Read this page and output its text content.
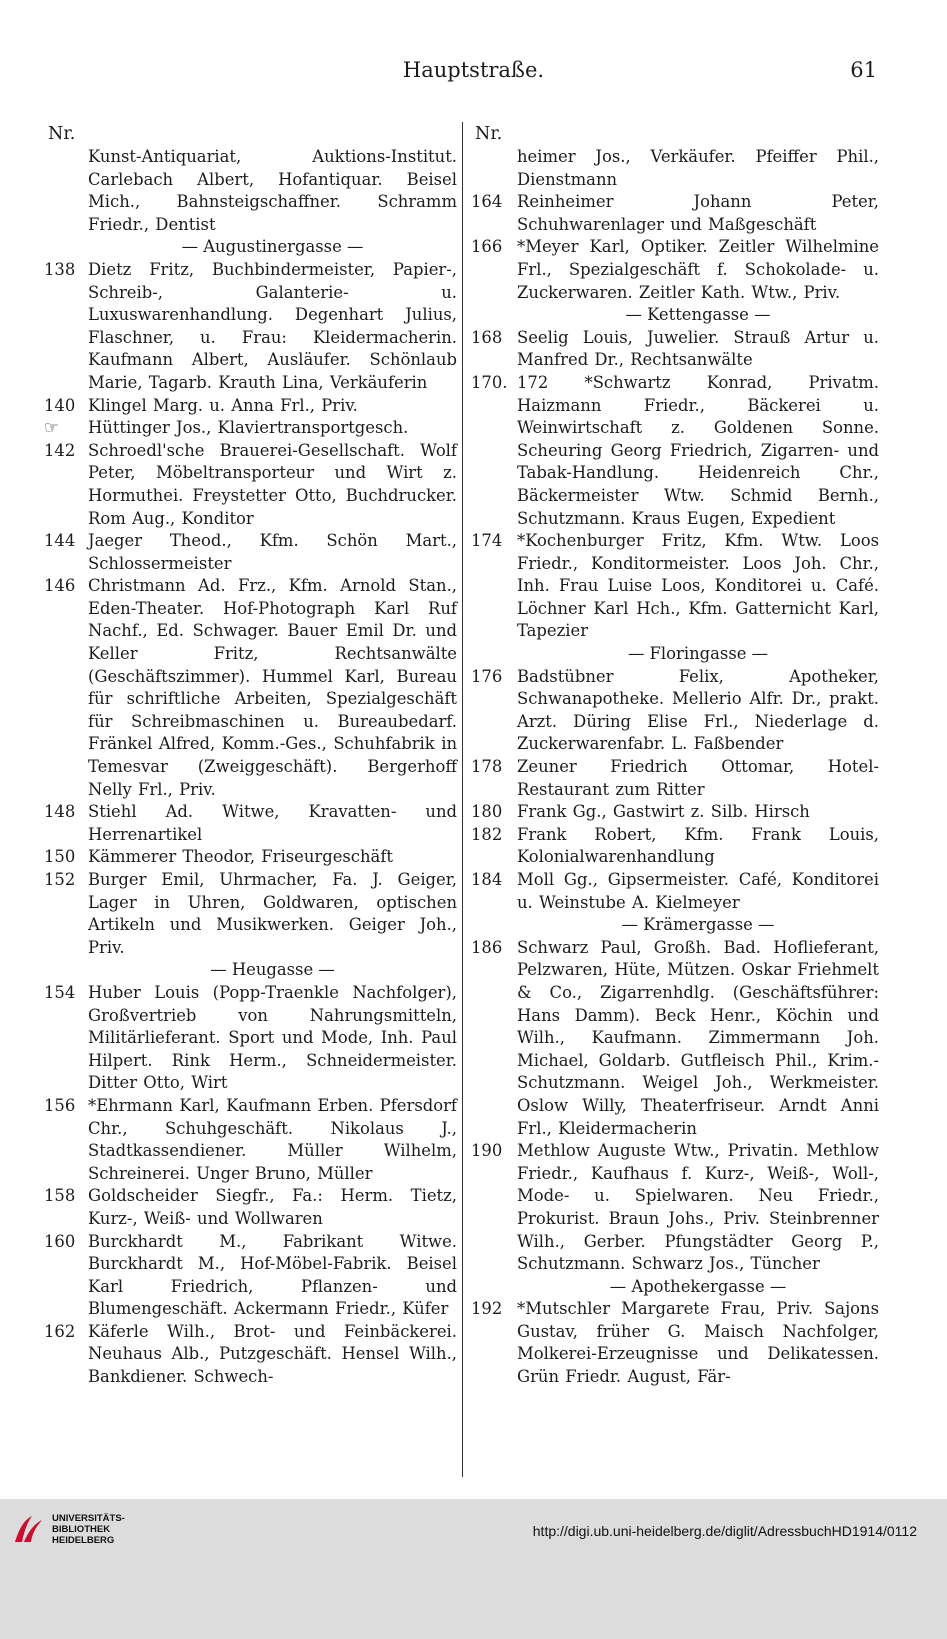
Hauptstraße.	61
Nr.
Kunst-Antiquariat, Auktions-Institut. Carlebach Albert, Hofantiquar. Beisel Mich., Bahnsteigschaffner. Schramm Friedr., Dentist
— Augustinergasse —
138 Dietz Fritz, Buchbindermeister, Papier-, Schreib-, Galanterie- u. Luxuswarenhandlung. Degenhart Julius, Flaschner, u. Frau: Kleidermacherin. Kaufmann Albert, Ausläufer. Schönlaub Marie, Tagarb. Krauth Lina, Verkäuferin
140 Klingel Marg. u. Anna Frl., Priv.
☞	Hüttinger Jos., Klaviertransportgesch.
142 Schroedl'sche Brauerei-Gesellschaft. Wolf Peter, Möbeltransporteur und Wirt z. Hormuthei. Freystetter Otto, Buchdrucker. Rom Aug., Konditor
144 Jaeger Theod., Kfm. Schön Mart., Schlossermeister
146 Christmann Ad. Frz., Kfm. Arnold Stan., Eden-Theater. Hof-Photograph Karl Ruf Nachf., Ed. Schwager. Bauer Emil Dr. und Keller Fritz, Rechtsanwälte (Geschäftszimmer). Hummel Karl, Bureau für schriftliche Arbeiten, Spezialgeschäft für Schreibmaschinen u. Bureaubedarf. Fränkel Alfred, Komm.-Ges., Schuhfabrik in Temesvar (Zweiggeschäft). Bergerhoff Nelly Frl., Priv.
148 Stiehl Ad. Witwe, Kravatten- und Herrenartikel
150 Kämmerer Theodor, Friseurgeschäft
152 Burger Emil, Uhrmacher, Fa. J. Geiger, Lager in Uhren, Goldwaren, optischen Artikeln und Musikwerken. Geiger Joh., Priv.
— Heugasse —
154 Huber Louis (Popp-Traenkle Nachfolger), Großvertrieb von Nahrungsmitteln, Militärlieferant. Sport und Mode, Inh. Paul Hilpert. Rink Herm., Schneidermeister. Ditter Otto, Wirt
156 *Ehrmann Karl, Kaufmann Erben. Pfersdorf Chr., Schuhgeschäft. Nikolaus J., Stadtkassendiener. Müller Wilhelm, Schreinerei. Unger Bruno, Müller
158 Goldscheider Siegfr., Fa.: Herm. Tietz, Kurz-, Weiß- und Wollwaren
160 Burckhardt M., Fabrikant Witwe. Burckhardt M., Hof-Möbel-Fabrik. Beisel Karl Friedrich, Pflanzen- und Blumengeschäft. Ackermann Friedr., Küfer
162 Käferle Wilh., Brot- und Feinbäckerei. Neuhaus Alb., Putzgeschäft. Hensel Wilh., Bankdiener. Schwech-
Nr.
heimer Jos., Verkäufer. Pfeiffer Phil., Dienstmann
164 Reinheimer Johann Peter, Schuhwarenlager und Maßgeschäft
166 *Meyer Karl, Optiker. Zeitler Wilhelmine Frl., Spezialgeschäft f. Schokolade- u. Zuckerwaren. Zeitler Kath. Wtw., Priv.
— Kettengasse —
168 Seelig Louis, Juwelier. Strauß Artur u. Manfred Dr., Rechtsanwälte
170. 172 *Schwartz Konrad, Privatm. Haizmann Friedr., Bäckerei u. Weinwirtschaft z. Goldenen Sonne. Scheuring Georg Friedrich, Zigarren- und Tabak-Handlung. Heidenreich Chr., Bäckermeister Wtw. Schmid Bernh., Schutzmann. Kraus Eugen, Expedient
174 *Kochenburger Fritz, Kfm. Wtw. Loos Friedr., Konditormeister. Loos Joh. Chr., Inh. Frau Luise Loos, Konditorei u. Café. Löchner Karl Hch., Kfm. Gatternicht Karl, Tapezier
— Floringasse —
176 Badstübner Felix, Apotheker, Schwanapotheke. Mellerio Alfr. Dr., prakt. Arzt. Düring Elise Frl., Niederlage d. Zuckerwarenfabr. L. Faßbender
178 Zeuner Friedrich Ottomar, Hotel-Restaurant zum Ritter
180 Frank Gg., Gastwirt z. Silb. Hirsch
182 Frank Robert, Kfm. Frank Louis, Kolonialwarenhandlung
184 Moll Gg., Gipsermeister. Café, Konditorei u. Weinstube A. Kielmeyer
— Krämergasse —
186 Schwarz Paul, Großh. Bad. Hoflieferant, Pelzwaren, Hüte, Mützen. Oskar Friehmelt & Co., Zigarrenhdlg. (Geschäftsführer: Hans Damm). Beck Henr., Köchin und Wilh., Kaufmann. Zimmermann Joh. Michael, Goldarb. Gutfleisch Phil., Krim.-Schutzmann. Weigel Joh., Werkmeister. Oslow Willy, Theaterfriseur. Arndt Anni Frl., Kleidermacherin
190 Methlow Auguste Wtw., Privatin. Methlow Friedr., Kaufhaus f. Kurz-, Weiß-, Woll-, Mode- u. Spielwaren. Neu Friedr., Prokurist. Braun Johs., Priv. Steinbrenner Wilh., Gerber. Pfungstädter Georg P., Schutzmann. Schwarz Jos., Tüncher
— Apothekergasse —
192 *Mutschler Margarete Frau, Priv. Sajons Gustav, früher G. Maisch Nachfolger, Molkerei-Erzeugnisse und Delikatessen. Grün Friedr. August, Fär-
UNIVERSITÄTS-
BIBLIOTHEK
HEIDELBERG
http://digi.ub.uni-heidelberg.de/diglit/AdressbuchHD1914/0112
